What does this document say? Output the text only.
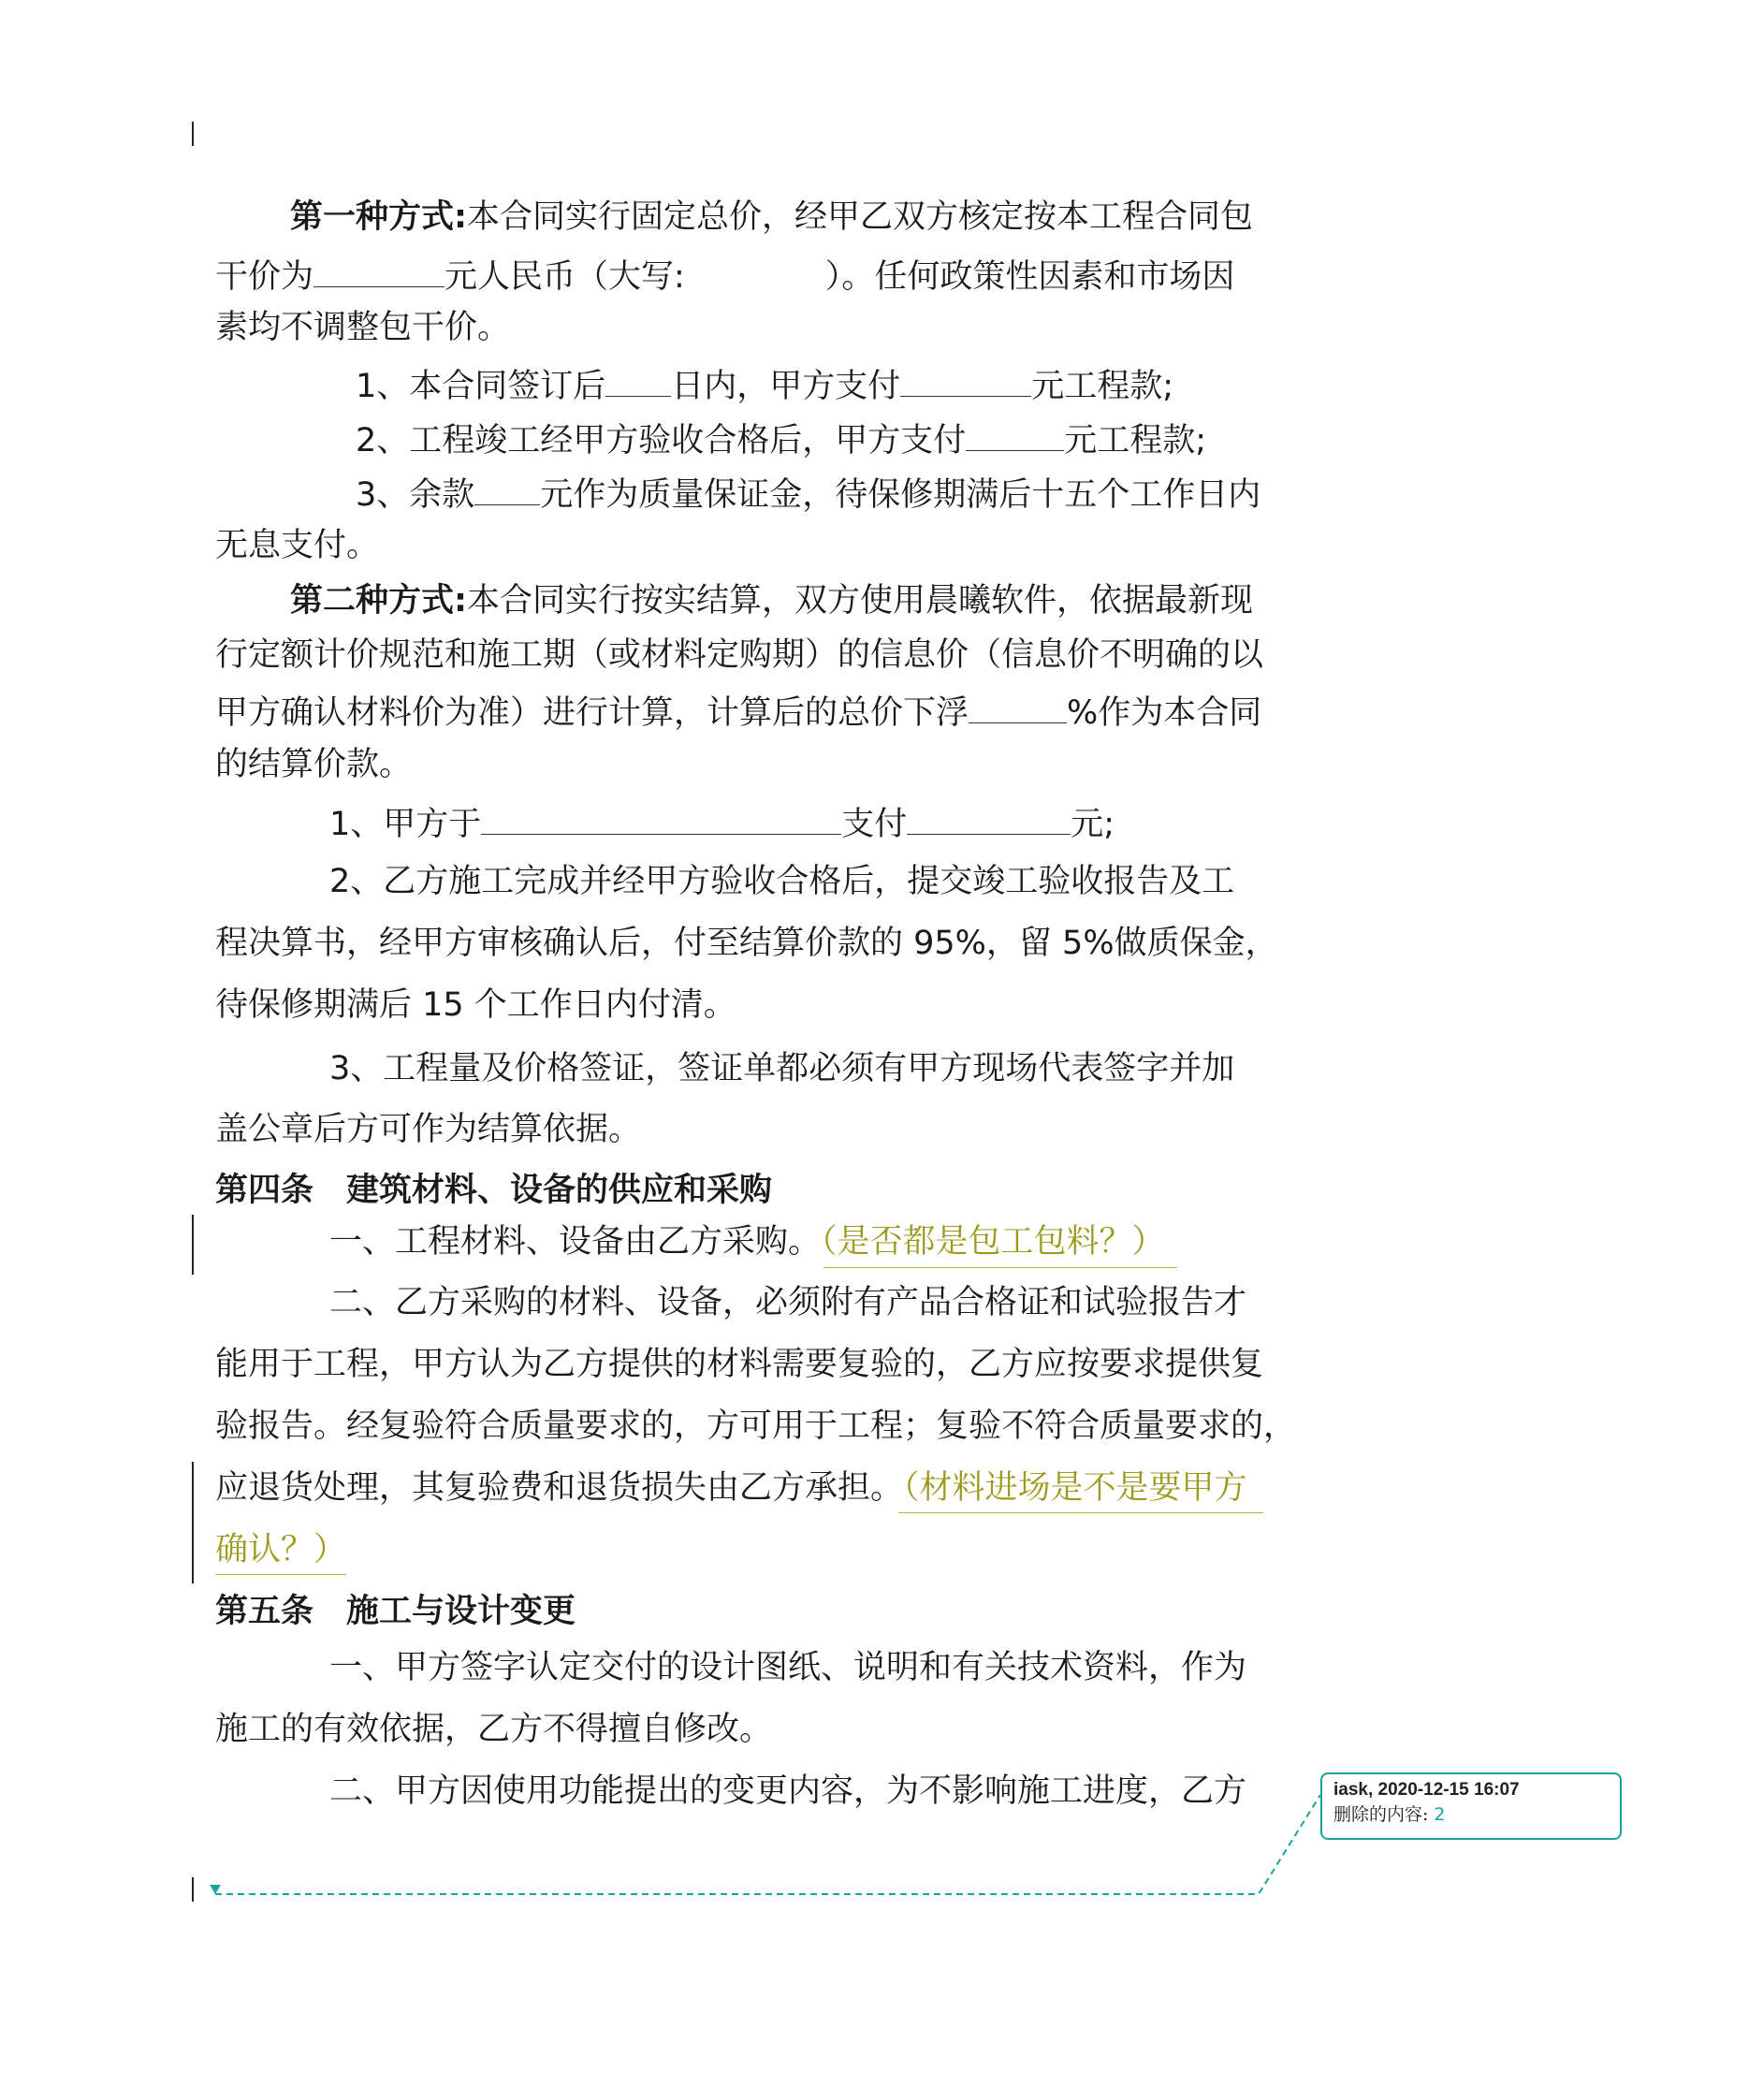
第一种方式:本合同实行固定总价，经甲乙双方核定按本工程合同包
干价为	元人民币（大写:	）。任何政策性因素和市场因
素均不调整包干价。
1、本合同签订后 日内，甲方支付	元工程款;
2、工程竣工经甲方验收合格后，甲方支付	元工程款;
3、余款 元作为质量保证金，待保修期满后十五个工作日内
无息支付。
第二种方式:本合同实行按实结算，双方使用晨曦软件，依据最新现
行定额计价规范和施工期（或材料定购期）的信息价（信息价不明确的以
甲方确认材料价为准）进行计算，计算后的总价下浮	%作为本合同
的结算价款。
1、甲方于	支付	元;
2、乙方施工完成并经甲方验收合格后，提交竣工验收报告及工
程决算书，经甲方审核确认后，付至结算价款的 95%，留 5%做质保金，
待保修期满后 15 个工作日内付清。
3、工程量及价格签证，签证单都必须有甲方现场代表签字并加
盖公章后方可作为结算依据。
第四条　建筑材料、设备的供应和采购
一、工程材料、设备由乙方采购。（是否都是包工包料？）
二、乙方采购的材料、设备，必须附有产品合格证和试验报告才
能用于工程，甲方认为乙方提供的材料需要复验的，乙方应按要求提供复
验报告。经复验符合质量要求的，方可用于工程；复验不符合质量要求的，
应退货处理，其复验费和退货损失由乙方承担。（材料进场是不是要甲方
确认？）
第五条　施工与设计变更
一、甲方签字认定交付的设计图纸、说明和有关技术资料，作为
施工的有效依据，乙方不得擅自修改。
二、甲方因使用功能提出的变更内容，为不影响施工进度，乙方	iask, 2020-12-15 16:07
删除的内容: 2
